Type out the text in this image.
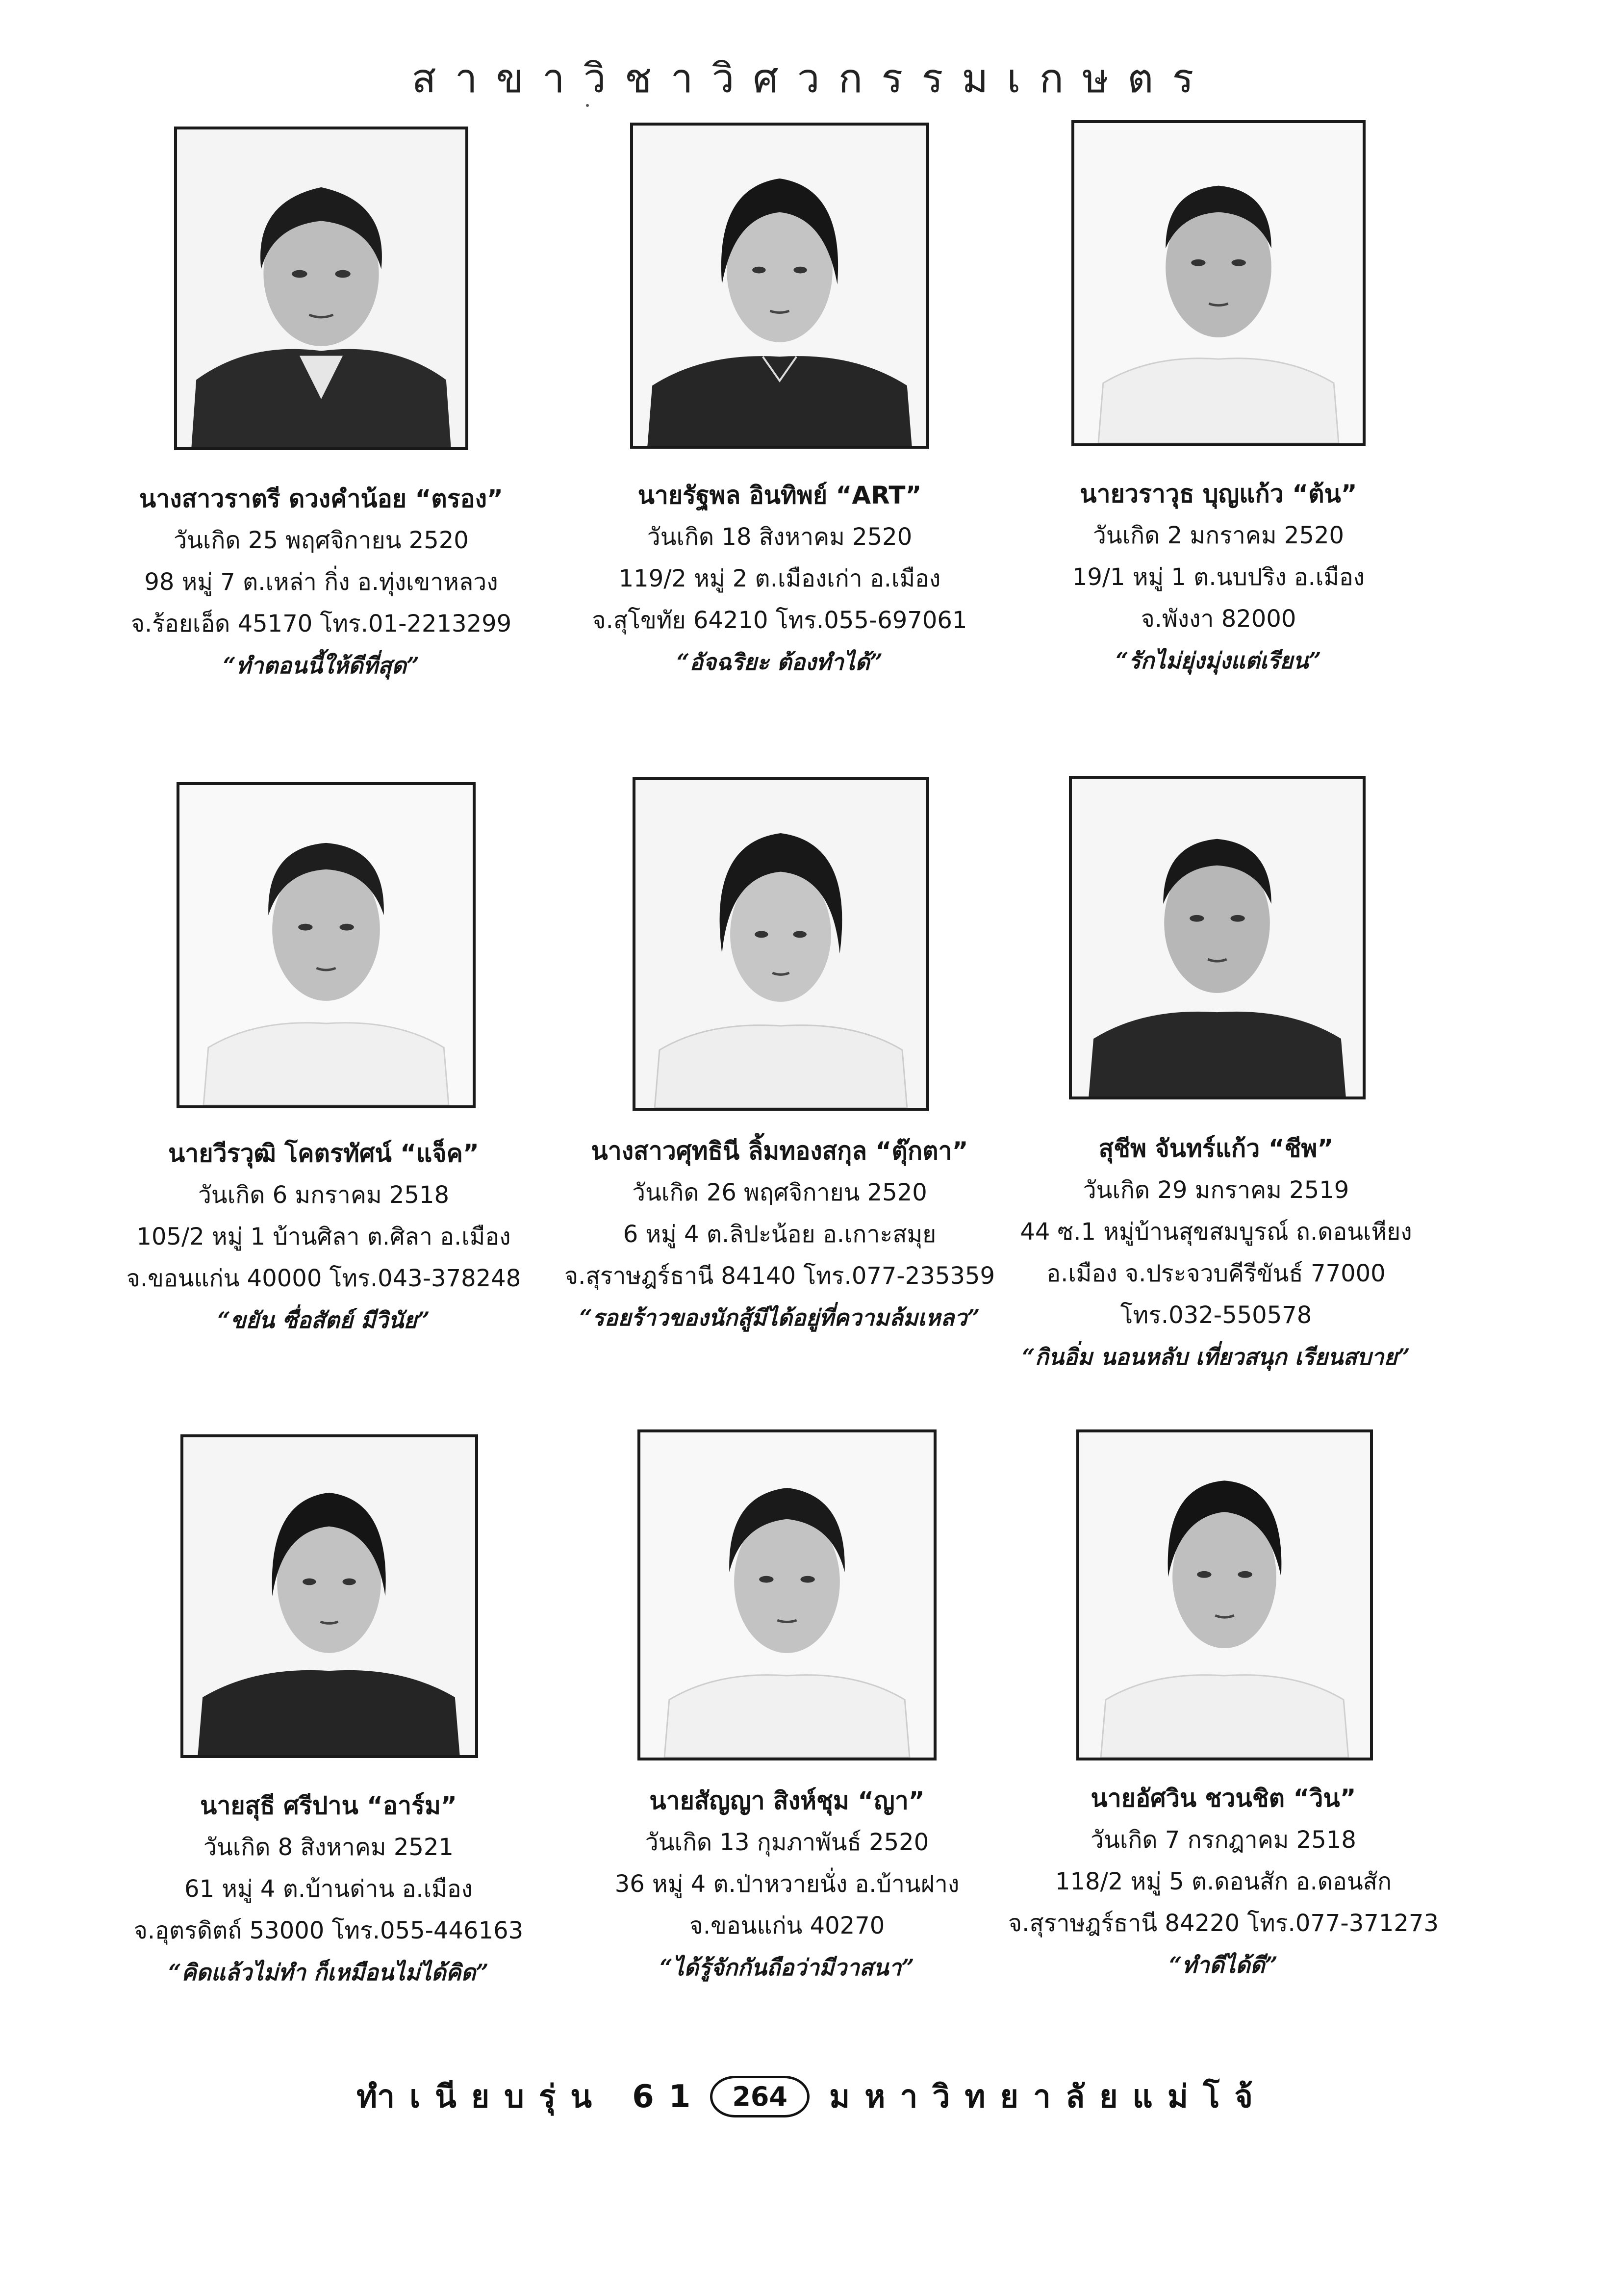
สาขาวิชาวิศวกรรมเกษตร
นางสาวราตรี ดวงคำน้อย “ตรอง”
วันเกิด 25 พฤศจิกายน 2520
98 หมู่ 7 ต.เหล่า กิ่ง อ.ทุ่งเขาหลวง
จ.ร้อยเอ็ด 45170 โทร.01-2213299
“ทำตอนนี้ให้ดีที่สุด”
นายรัฐพล อินทิพย์ “ART”
วันเกิด 18 สิงหาคม 2520
119/2 หมู่ 2 ต.เมืองเก่า อ.เมือง
จ.สุโขทัย 64210 โทร.055-697061
“อัจฉริยะ ต้องทำได้”
นายวราวุธ บุญแก้ว “ต้น”
วันเกิด 2 มกราคม 2520
19/1 หมู่ 1 ต.นบปริง อ.เมือง
จ.พังงา 82000
“รักไม่ยุ่งมุ่งแต่เรียน”
นายวีรวุฒิ โคตรทัศน์ “แจ็ค”
วันเกิด 6 มกราคม 2518
105/2 หมู่ 1 บ้านศิลา ต.ศิลา อ.เมือง
จ.ขอนแก่น 40000 โทร.043-378248
“ขยัน ซื่อสัตย์ มีวินัย”
นางสาวศุทธินี ลิ้มทองสกุล “ตุ๊กตา”
วันเกิด 26 พฤศจิกายน 2520
6 หมู่ 4 ต.ลิปะน้อย อ.เกาะสมุย
จ.สุราษฎร์ธานี 84140 โทร.077-235359
“รอยร้าวของนักสู้มีได้อยู่ที่ความล้มเหลว”
สุชีพ จันทร์แก้ว “ชีพ”
วันเกิด 29 มกราคม 2519
44 ซ.1 หมู่บ้านสุขสมบูรณ์ ถ.ดอนเหียง
อ.เมือง จ.ประจวบคีรีขันธ์ 77000
โทร.032-550578
“กินอิ่ม นอนหลับ เที่ยวสนุก เรียนสบาย”
นายสุธี ศรีปาน “อาร์ม”
วันเกิด 8 สิงหาคม 2521
61 หมู่ 4 ต.บ้านด่าน อ.เมือง
จ.อุตรดิตถ์ 53000 โทร.055-446163
“คิดแล้วไม่ทำ ก็เหมือนไม่ได้คิด”
นายสัญญา สิงห์ชุม “ญา”
วันเกิด 13 กุมภาพันธ์ 2520
36 หมู่ 4 ต.ป่าหวายนั่ง อ.บ้านฝาง
จ.ขอนแก่น 40270
“ได้รู้จักกันถือว่ามีวาสนา”
นายอัศวิน ชวนชิต “วิน”
วันเกิด 7 กรกฎาคม 2518
118/2 หมู่ 5 ต.ดอนสัก อ.ดอนสัก
จ.สุราษฎร์ธานี 84220 โทร.077-371273
“ทำดีได้ดี”
ทำเนียบรุ่น 61	264	มหาวิทยาลัยแม่โจ้
